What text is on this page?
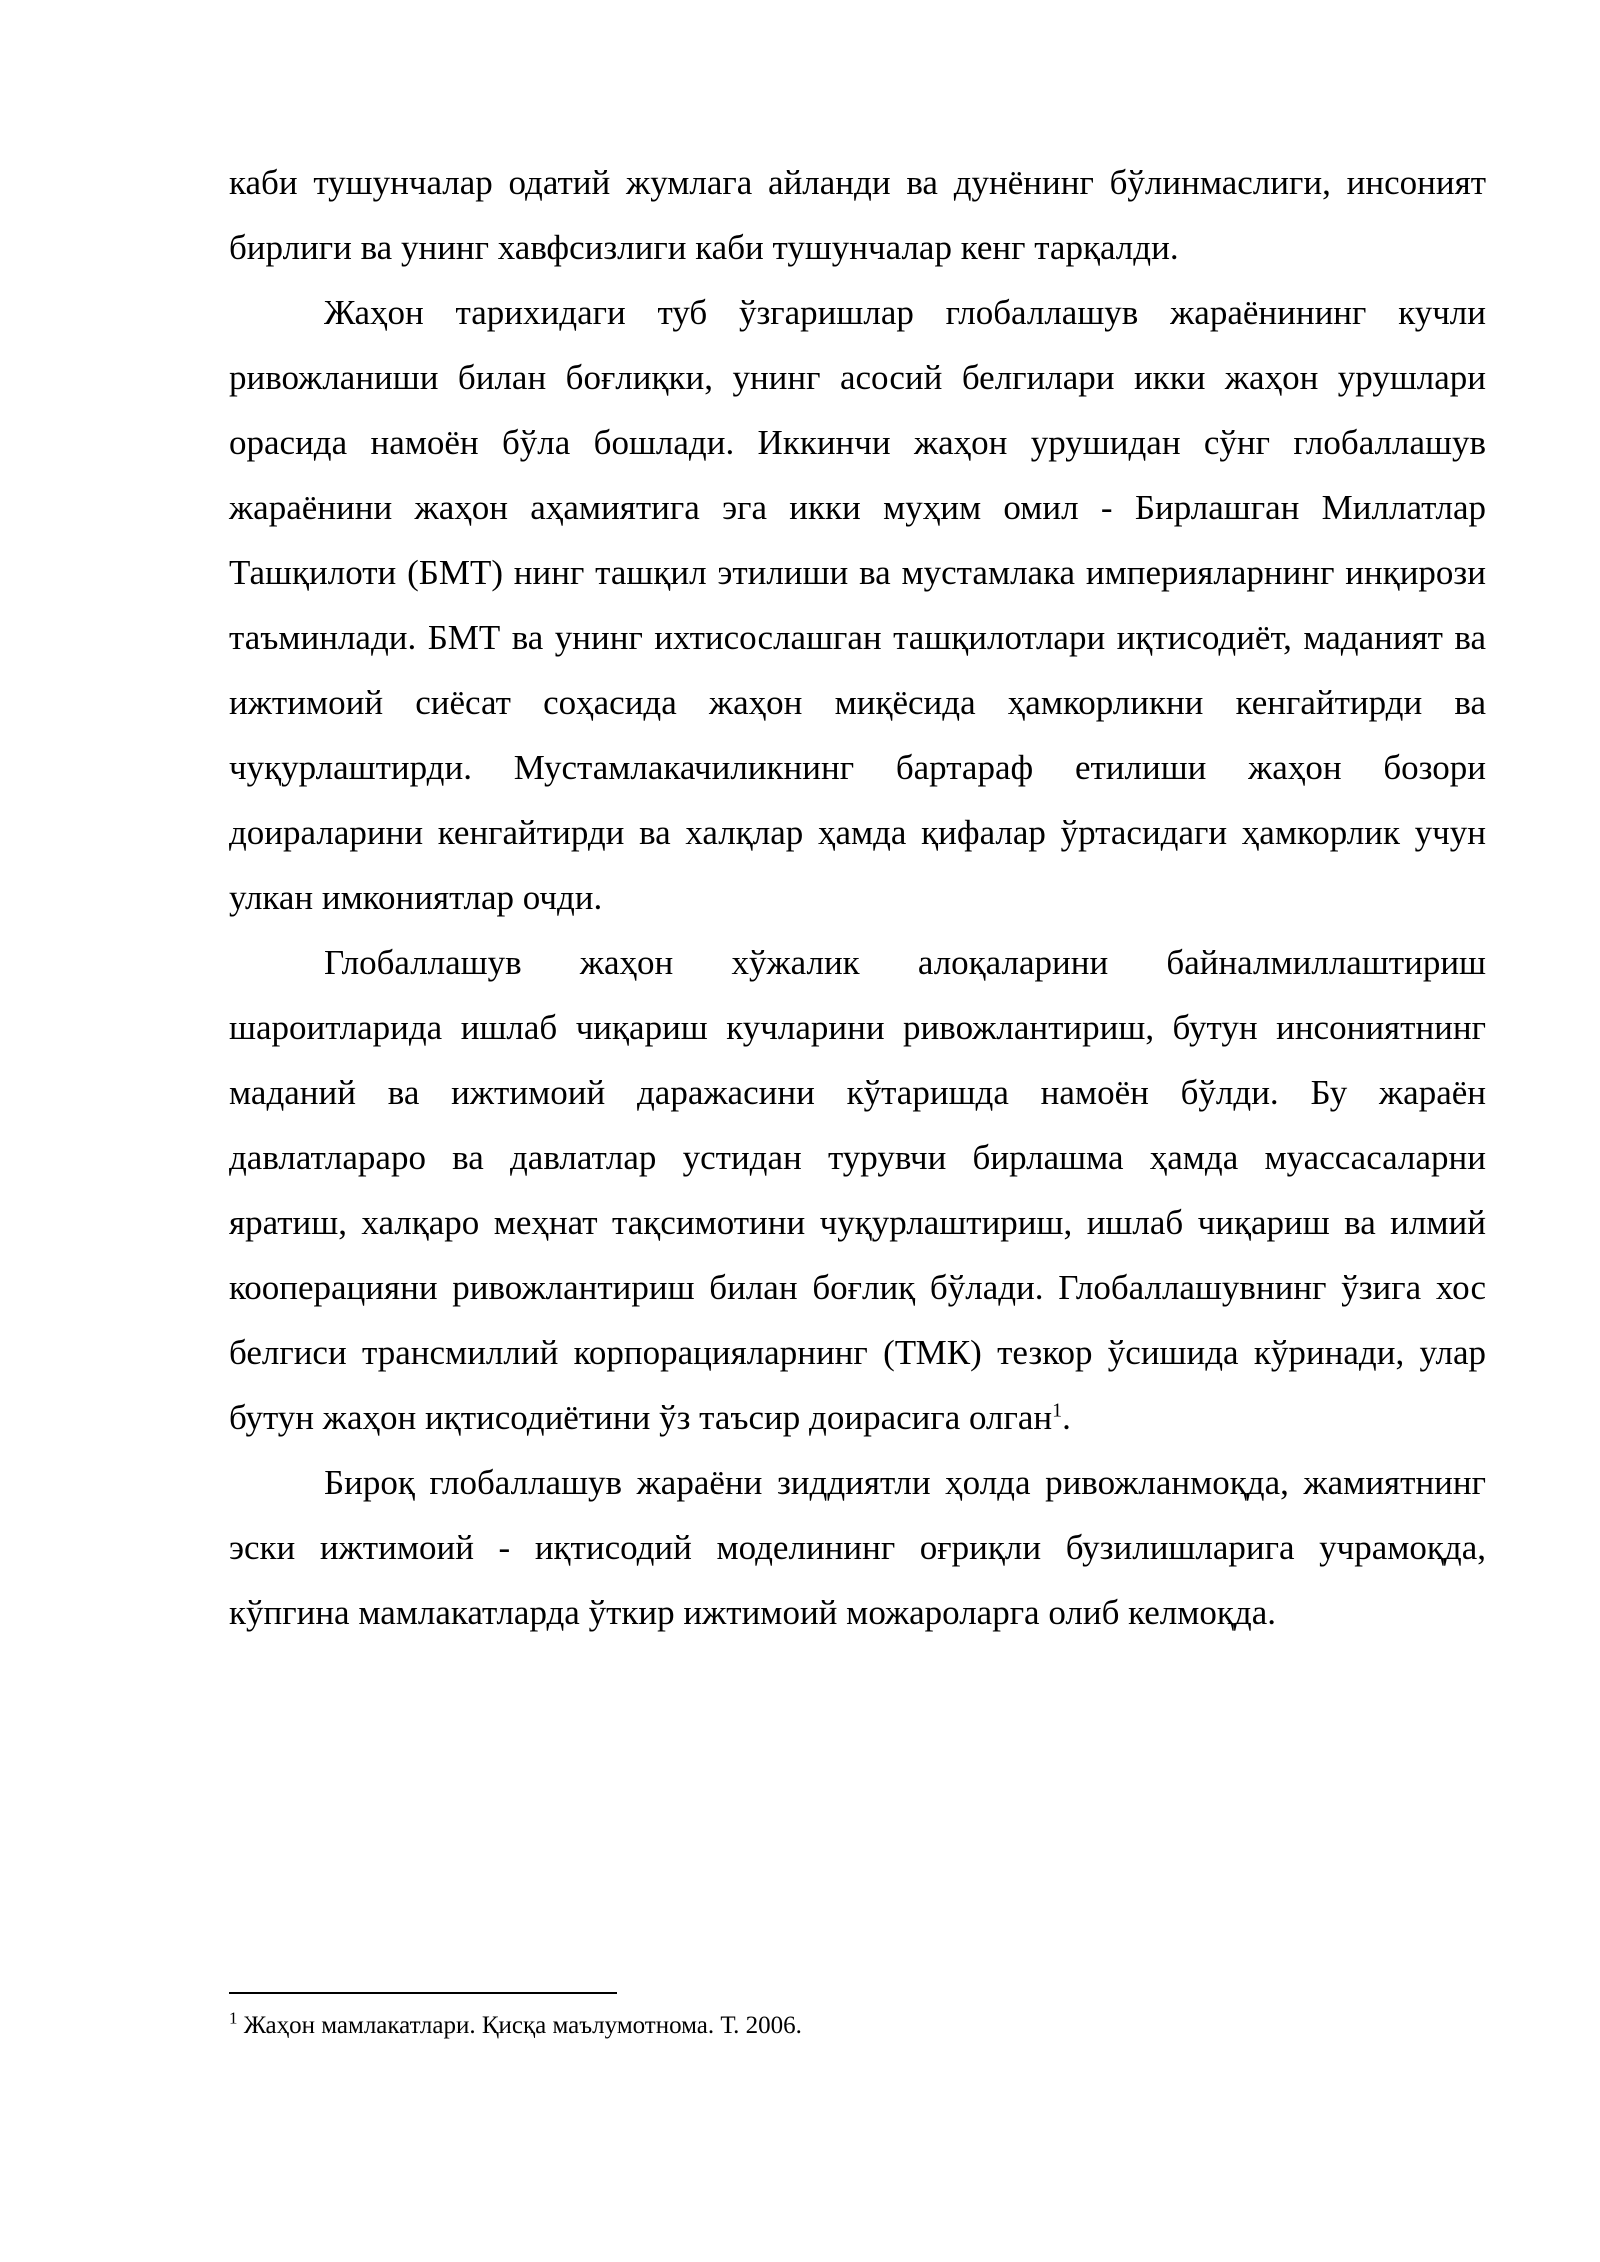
каби тушунчалар одатий жумлага айланди ва дунёнинг бўлинмаслиги, инсоният бирлиги ва унинг хавфсизлиги каби тушунчалар кенг тарқалди.

Жаҳон тарихидаги туб ўзгаришлар глобаллашув жараёнининг кучли ривожланиши билан боғлиқки, унинг асосий белгилари икки жаҳон урушлари орасида намоён бўла бошлади. Иккинчи жаҳон урушидан сўнг глобаллашув жараёнини жаҳон аҳамиятига эга икки муҳим омил - Бирлашган Миллатлар Ташқилоти (БМТ) нинг ташқил этилиши ва мустамлака империяларнинг инқирози таъминлади. БМТ ва унинг ихтисослашган ташқилотлари иқтисодиёт, маданият ва ижтимоий сиёсат соҳасида жаҳон миқёсида ҳамкорликни кенгайтирди ва чуқурлаштирди. Мустамлакачиликнинг бартараф етилиши жаҳон бозори доираларини кенгайтирди ва халқлар ҳамда қифалар ўртасидаги ҳамкорлик учун улкан имкониятлар очди.

Глобаллашув жаҳон хўжалик алоқаларини байналмиллаштириш шароитларида ишлаб чиқариш кучларини ривожлантириш, бутун инсониятнинг маданий ва ижтимоий даражасини кўтаришда намоён бўлди. Бу жараён давлатлараро ва давлатлар устидан турувчи бирлашма ҳамда муассасаларни яратиш, халқаро меҳнат тақсимотини чуқурлаштириш, ишлаб чиқариш ва илмий кооперацияни ривожлантириш билан боғлиқ бўлади. Глобаллашувнинг ўзига хос белгиси трансмиллий корпорацияларнинг (ТМК) тезкор ўсишида кўринади, улар бутун жаҳон иқтисодиётини ўз таъсир доирасига олган$^1$.

Бироқ глобаллашув жараёни зиддиятли ҳолда ривожланмоқда, жамиятнинг эски ижтимоий - иқтисодий моделининг оғриқли бузилишларига учрамоқда, кўпгина мамлакатларда ўткир ижтимоий можароларга олиб келмоқда.

$^1$ Жаҳон мамлакатлари. Қисқа маълумотнома. Т. 2006.
